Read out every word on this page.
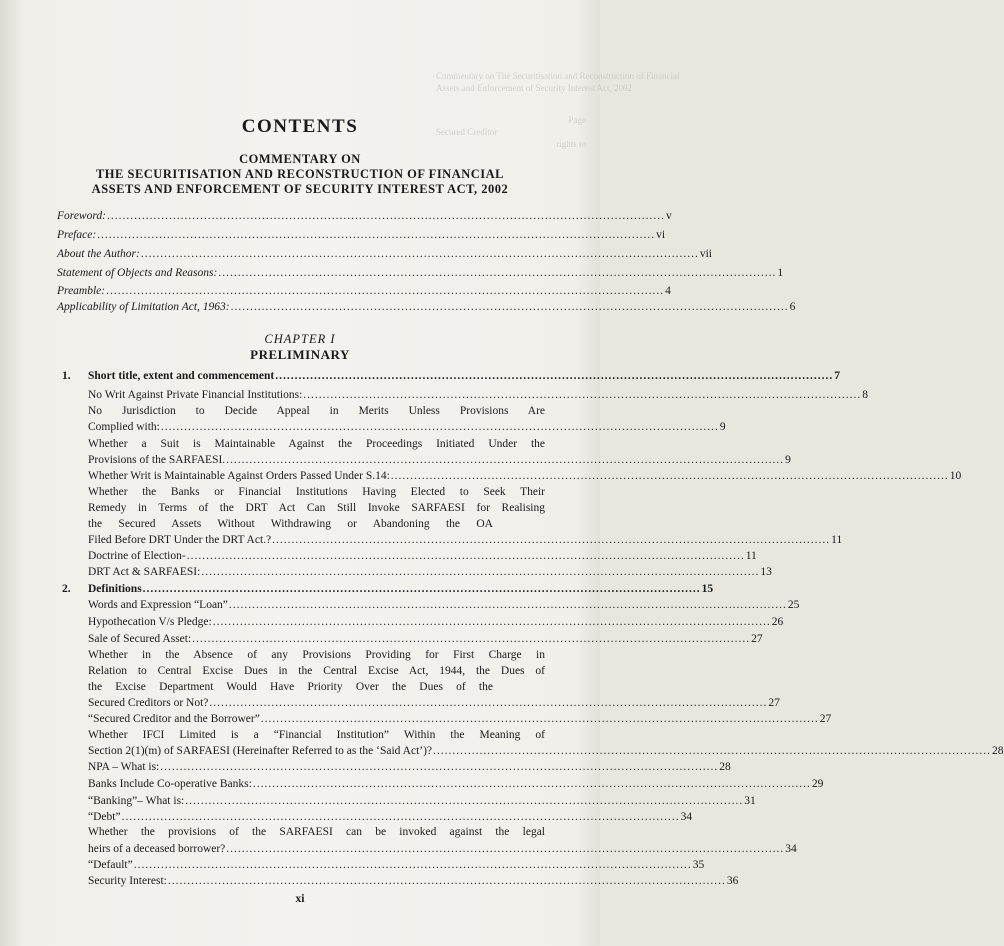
Commentary on The Securitisation and Reconstruction of Financial
Assets and Enforcement of Security Interest Act, 2002
Page
Secured Creditor
rights to
CONTENTS
COMMENTARY ON
THE SECURITISATION AND RECONSTRUCTION OF FINANCIAL
ASSETS AND ENFORCEMENT OF SECURITY INTEREST ACT, 2002
Foreword: ................................................................................................................................................ v
Preface: ................................................................................................................................................ vi
About the Author: ................................................................................................................................................ vii
Statement of Objects and Reasons: ................................................................................................................................................ 1
Preamble: ................................................................................................................................................ 4
Applicability of Limitation Act, 1963: ................................................................................................................................................ 6
CHAPTER I
PRELIMINARY
1. Short title, extent and commencement ................................................................................................................................................ 7
No Writ Against Private Financial Institutions: ................................................................................................................................................ 8
No Jurisdiction to Decide Appeal in Merits Unless Provisions Are
Complied with: ................................................................................................................................................ 9
Whether a Suit is Maintainable Against the Proceedings Initiated Under the
Provisions of the SARFAESI. ................................................................................................................................................ 9
Whether Writ is Maintainable Against Orders Passed Under S.14: ................................................................................................................................................ 10
Whether the Banks or Financial Institutions Having Elected to Seek Their
Remedy in Terms of the DRT Act Can Still Invoke SARFAESI for Realising
the Secured Assets Without Withdrawing or Abandoning the OA
Filed Before DRT Under the DRT Act.? ................................................................................................................................................ 11
Doctrine of Election- ................................................................................................................................................ 11
DRT Act & SARFAESI: ................................................................................................................................................ 13
2. Definitions ................................................................................................................................................ 15
Words and Expression “Loan” ................................................................................................................................................ 25
Hypothecation V/s Pledge: ................................................................................................................................................ 26
Sale of Secured Asset: ................................................................................................................................................ 27
Whether in the Absence of any Provisions Providing for First Charge in
Relation to Central Excise Dues in the Central Excise Act, 1944, the Dues of
the Excise Department Would Have Priority Over the Dues of the
Secured Creditors or Not? ................................................................................................................................................ 27
“Secured Creditor and the Borrower” ................................................................................................................................................ 27
Whether IFCI Limited is a “Financial Institution” Within the Meaning of
Section 2(1)(m) of SARFAESI (Hereinafter Referred to as the ‘Said Act’)? ................................................................................................................................................ 28
NPA – What is: ................................................................................................................................................ 28
Banks Include Co-operative Banks: ................................................................................................................................................ 29
“Banking”– What is: ................................................................................................................................................ 31
“Debt” ................................................................................................................................................ 34
Whether the provisions of the SARFAESI can be invoked against the legal
heirs of a deceased borrower? ................................................................................................................................................ 34
“Default” ................................................................................................................................................ 35
Security Interest: ................................................................................................................................................ 36
xi
